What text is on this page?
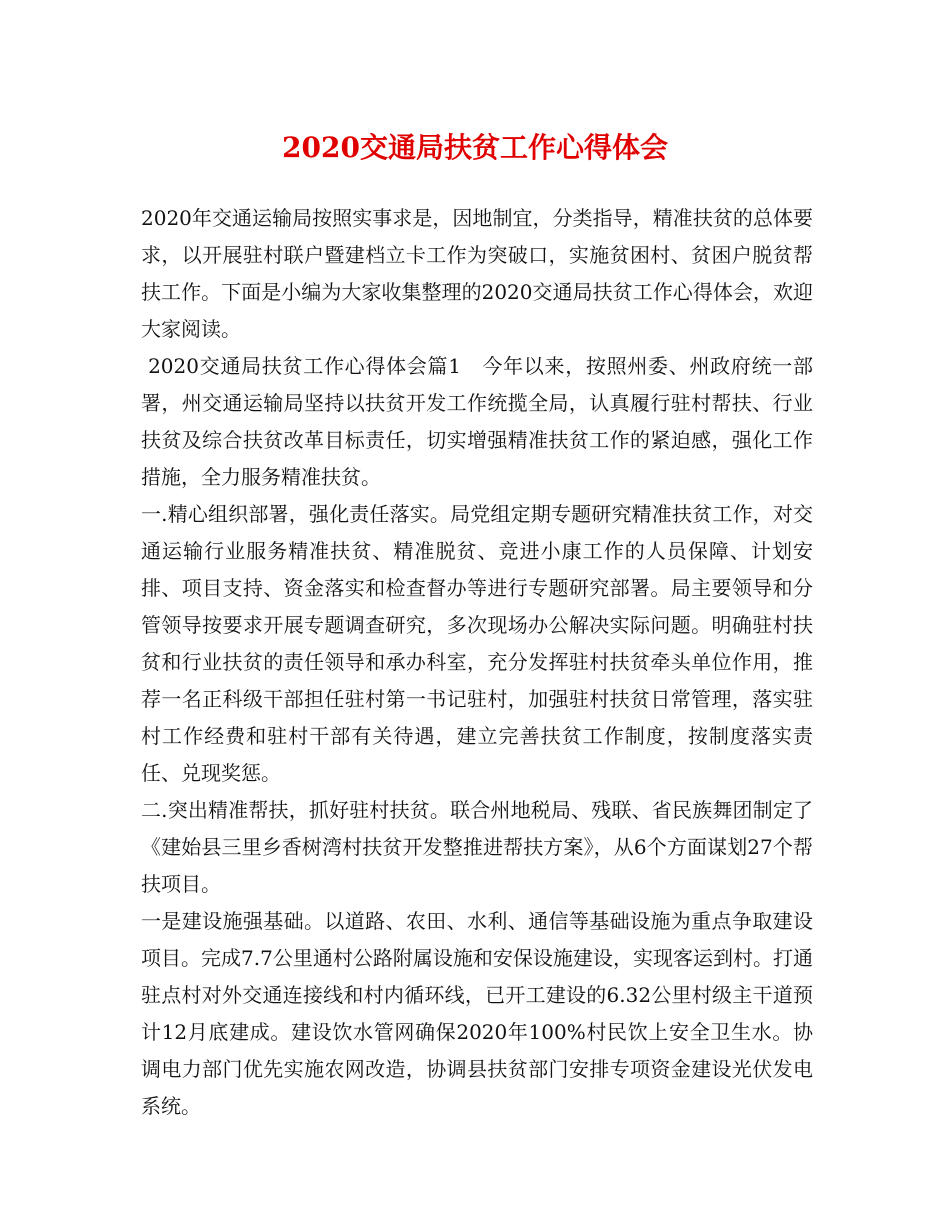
2020交通局扶贫工作心得体会

2020年交通运输局按照实事求是，因地制宜，分类指导，精准扶贫的总体要求，以开展驻村联户暨建档立卡工作为突破口，实施贫困村、贫困户脱贫帮扶工作。下面是小编为大家收集整理的2020交通局扶贫工作心得体会，欢迎大家阅读。

2020交通局扶贫工作心得体会篇1　今年以来，按照州委、州政府统一部署，州交通运输局坚持以扶贫开发工作统揽全局，认真履行驻村帮扶、行业扶贫及综合扶贫改革目标责任，切实增强精准扶贫工作的紧迫感，强化工作措施，全力服务精准扶贫。

一.精心组织部署，强化责任落实。局党组定期专题研究精准扶贫工作，对交通运输行业服务精准扶贫、精准脱贫、竞进小康工作的人员保障、计划安排、项目支持、资金落实和检查督办等进行专题研究部署。局主要领导和分管领导按要求开展专题调查研究，多次现场办公解决实际问题。明确驻村扶贫和行业扶贫的责任领导和承办科室，充分发挥驻村扶贫牵头单位作用，推荐一名正科级干部担任驻村第一书记驻村，加强驻村扶贫日常管理，落实驻村工作经费和驻村干部有关待遇，建立完善扶贫工作制度，按制度落实责任、兑现奖惩。

二.突出精准帮扶，抓好驻村扶贫。联合州地税局、残联、省民族舞团制定了《建始县三里乡香树湾村扶贫开发整推进帮扶方案》，从6个方面谋划27个帮扶项目。

一是建设施强基础。以道路、农田、水利、通信等基础设施为重点争取建设项目。完成7.7公里通村公路附属设施和安保设施建设，实现客运到村。打通驻点村对外交通连接线和村内循环线，已开工建设的6.32公里村级主干道预计12月底建成。建设饮水管网确保2020年100%村民饮上安全卫生水。协调电力部门优先实施农网改造，协调县扶贫部门安排专项资金建设光伏发电系统。
